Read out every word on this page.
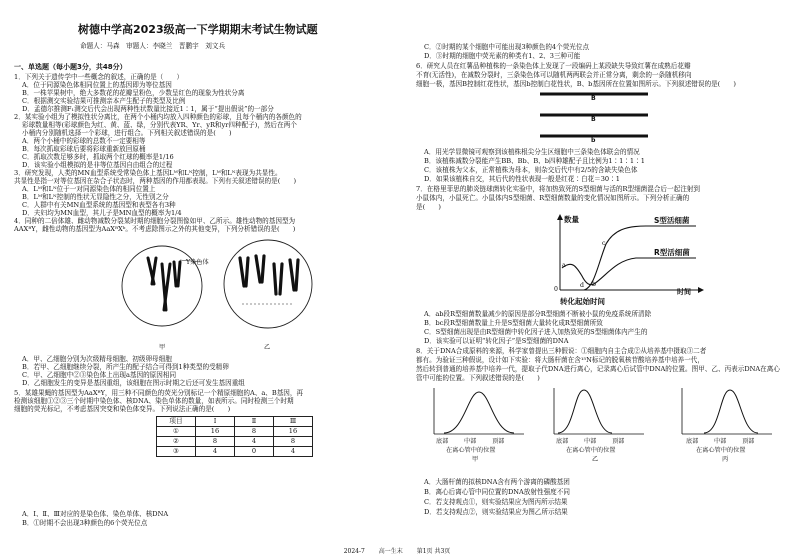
树德中学高2023级高一下学期期末考试生物试题
命题人：马森　审题人：李晓兰　晋鹏宇　刘文兵
一、单选题（每小题3分，共48分）
1．下列关于遗传学中一些概念的叙述，正确的是（　　）
A．位于同源染色体相同位置上的基因即为等位基因
B．一株苹果树中，绝大多数花的花瓣呈粉色，少数呈红色的现象为性状分离
C．根据测交实验结果可推测亲本产生配子的类型及比例
D．孟德尔推测F₁测交后代会出现两种性状数量比接近1∶1，属于“提出假说”的一部分
2．某实验小组为了模拟性状分离比，在两个小桶内均放入四种颜色的彩球，且每个桶内的各颜色的
彩球数量相等(彩球颜色为红、黄、蓝、绿，分别代表YR、Yr、yR和yr四种配子)，然后在两个
小桶内分别随机选择一个彩球，进行组合。下列相关叙述错误的是(　　)
A．两个小桶中的彩球的总数不一定要相等
B．每次抓取彩球后要将彩球重新放回原桶
C．抓取次数足够多时，抓取两个红球的概率是1/16
D．该实验小组模拟的是非等位基因自由组合的过程
3．研究发现，人类的MN血型系统受常染色体上基因Lᴹ和Lᴺ控制，Lᴹ和Lᴺ表现为共显性。
共显性是指一对等位基因在杂合子状态时，两种基因的作用都表现。下列有关叙述错误的是(　　)
A．Lᴹ和Lᴺ位于一对同源染色体的相同位置上
B．Lᴹ和Lᴺ控制的性状无显隐性之分，无性别之分
C．人群中有关MN血型系统的基因型和表型各有3种
D．夫妇均为MN血型，其儿子是MN血型的概率为1/4
4．同种的二倍体雄、雌动物减数分裂某时期的细胞分裂图像如甲、乙所示。雄性动物的基因型为
AAXᴮY，雌性动物的基因型为AaXᴮXᵇ。不考虑除图示之外的其他变异，下列分析错误的是(　　)
Y染色体
甲	乙
A．甲、乙细胞分别为次级精母细胞、初级卵母细胞
B．若甲、乙细胞继续分裂，所产生的配子结合可得到1种类型的受精卵
C．甲、乙细胞中②③染色体上出现a基因的原因相同
D．乙细胞发生的变异是基因重组，该细胞在图示时期之后还可发生基因重组
5．某雄果蝇的基因型为AaXᴮY，用三种不同颜色的荧光分别标记一个精原细胞的A、a、B基因，再
检测该细胞①②③三个时期中染色体、核DNA、染色单体的数量，如表所示。同时检测三个时期
细胞的荧光标记，不考虑基因突变和染色体变异。下列说法正确的是(　　)
项目	Ⅰ	Ⅱ	Ⅲ
①	16	8	16
②	8	4	8
③	4	0	4
A．Ⅰ、Ⅱ、Ⅲ对应的是染色体、染色单体、核DNA
B．①时期不会出现3种颜色的6个荧光位点
C．②时期的某个细胞中可能出现3种颜色的4个荧光位点
D．③时期的细胞中荧光素的种类有1、2、3三种可能
6．研究人员在红薯品种植株的一条染色体上发现了一段编码上某段缺失导致红薯在成熟后花瓣
不育(无活性)，在减数分裂时，三条染色体可以随机两两联会并正常分离，剩余的一条随机移向
细胞一极，基因B控制红花性状，基因b控制白花性状，B、b基因所在位置如图所示。下列叙述错误的是(　　)
B
B
b
A．用光学显微镜可观察到该植株根尖分生区细胞中三条染色体联会的情况
B．该植株减数分裂能产生BB、Bb、B、b四种雄配子且比例为1∶1∶1∶1
C．该植株为父本，正常植株为母本，则杂交后代中有2/5的含缺失染色体
D．如果该植株自交，其后代的性状表现一般是红花∶白花＝30∶1
7．在格里菲思的肺炎链球菌转化实验中，将加热致死的S型细菌与活的R型细菌混合后一起注射到
小鼠体内，小鼠死亡。小鼠体内S型细菌、R型细菌数量的变化情况如图所示。下列分析正确的
是(　　)
数量	S型活细菌
R型活细菌
a
b
c
d
0
转化起始时间
时间
A．ab段R型细菌数量减少的原因是部分R型细菌不断被小鼠的免疫系统所清除
B．bc段R型细菌数量上升是S型细菌大量转化成R型细菌所致
C．S型细菌出现是由R型细菌中转化因子进入加热致死的S型细菌体内产生的
D．该实验可以证明“转化因子”是S型细菌的DNA
8．关于DNA合成原料的来源，科学家曾提出三种假说：①细胞内自主合成②从培养基中摄取③二者
都有。为验证三种假说，设计如下实验：将大肠杆菌在含¹⁵N标记的脱氧核苷酸培养基中培养一代，
然后转到普通的培养基中培养一代，提取子代DNA进行离心，记录离心后试管中DNA的位置。图甲、乙、丙表示DNA在离心
管中可能的位置。下列叙述错误的是(　　)
底部	中部	顶部
在离心管中的位置
甲
底部	中部	顶部
在离心管中的位置
乙
底部	中部	顶部
在离心管中的位置
丙
A．大肠杆菌的拟核DNA含有两个游离的磷酸基团
B．离心后离心管中同位置的DNA放射性强度不同
C．若支持观点①，则实验结果应为图丙所示结果
D．若支持观点②，则实验结果应为图乙所示结果
2024-7 高一生末 第1页 共3页
